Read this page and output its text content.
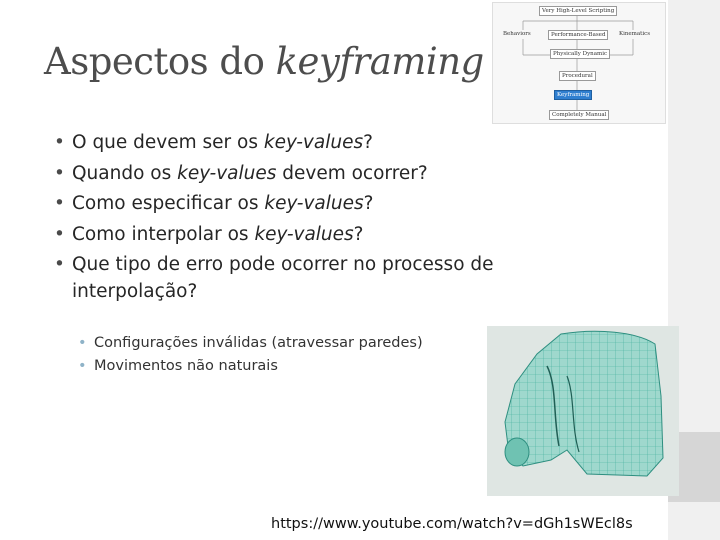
Aspectos do keyframing
Very High-Level Scripting
Behaviors	Performance-Based	Kinematics
Physically Dynamic
Procedural
Keyframing
Completely Manual
• O que devem ser os key-values?
• Quando os key-values devem ocorrer?
• Como especificar os key-values?
• Como interpolar os key-values?
• Que tipo de erro pode ocorrer no processo de interpolação?
• Configurações inválidas (atravessar paredes)
• Movimentos não naturais
https://www.youtube.com/watch?v=dGh1sWEcl8s
